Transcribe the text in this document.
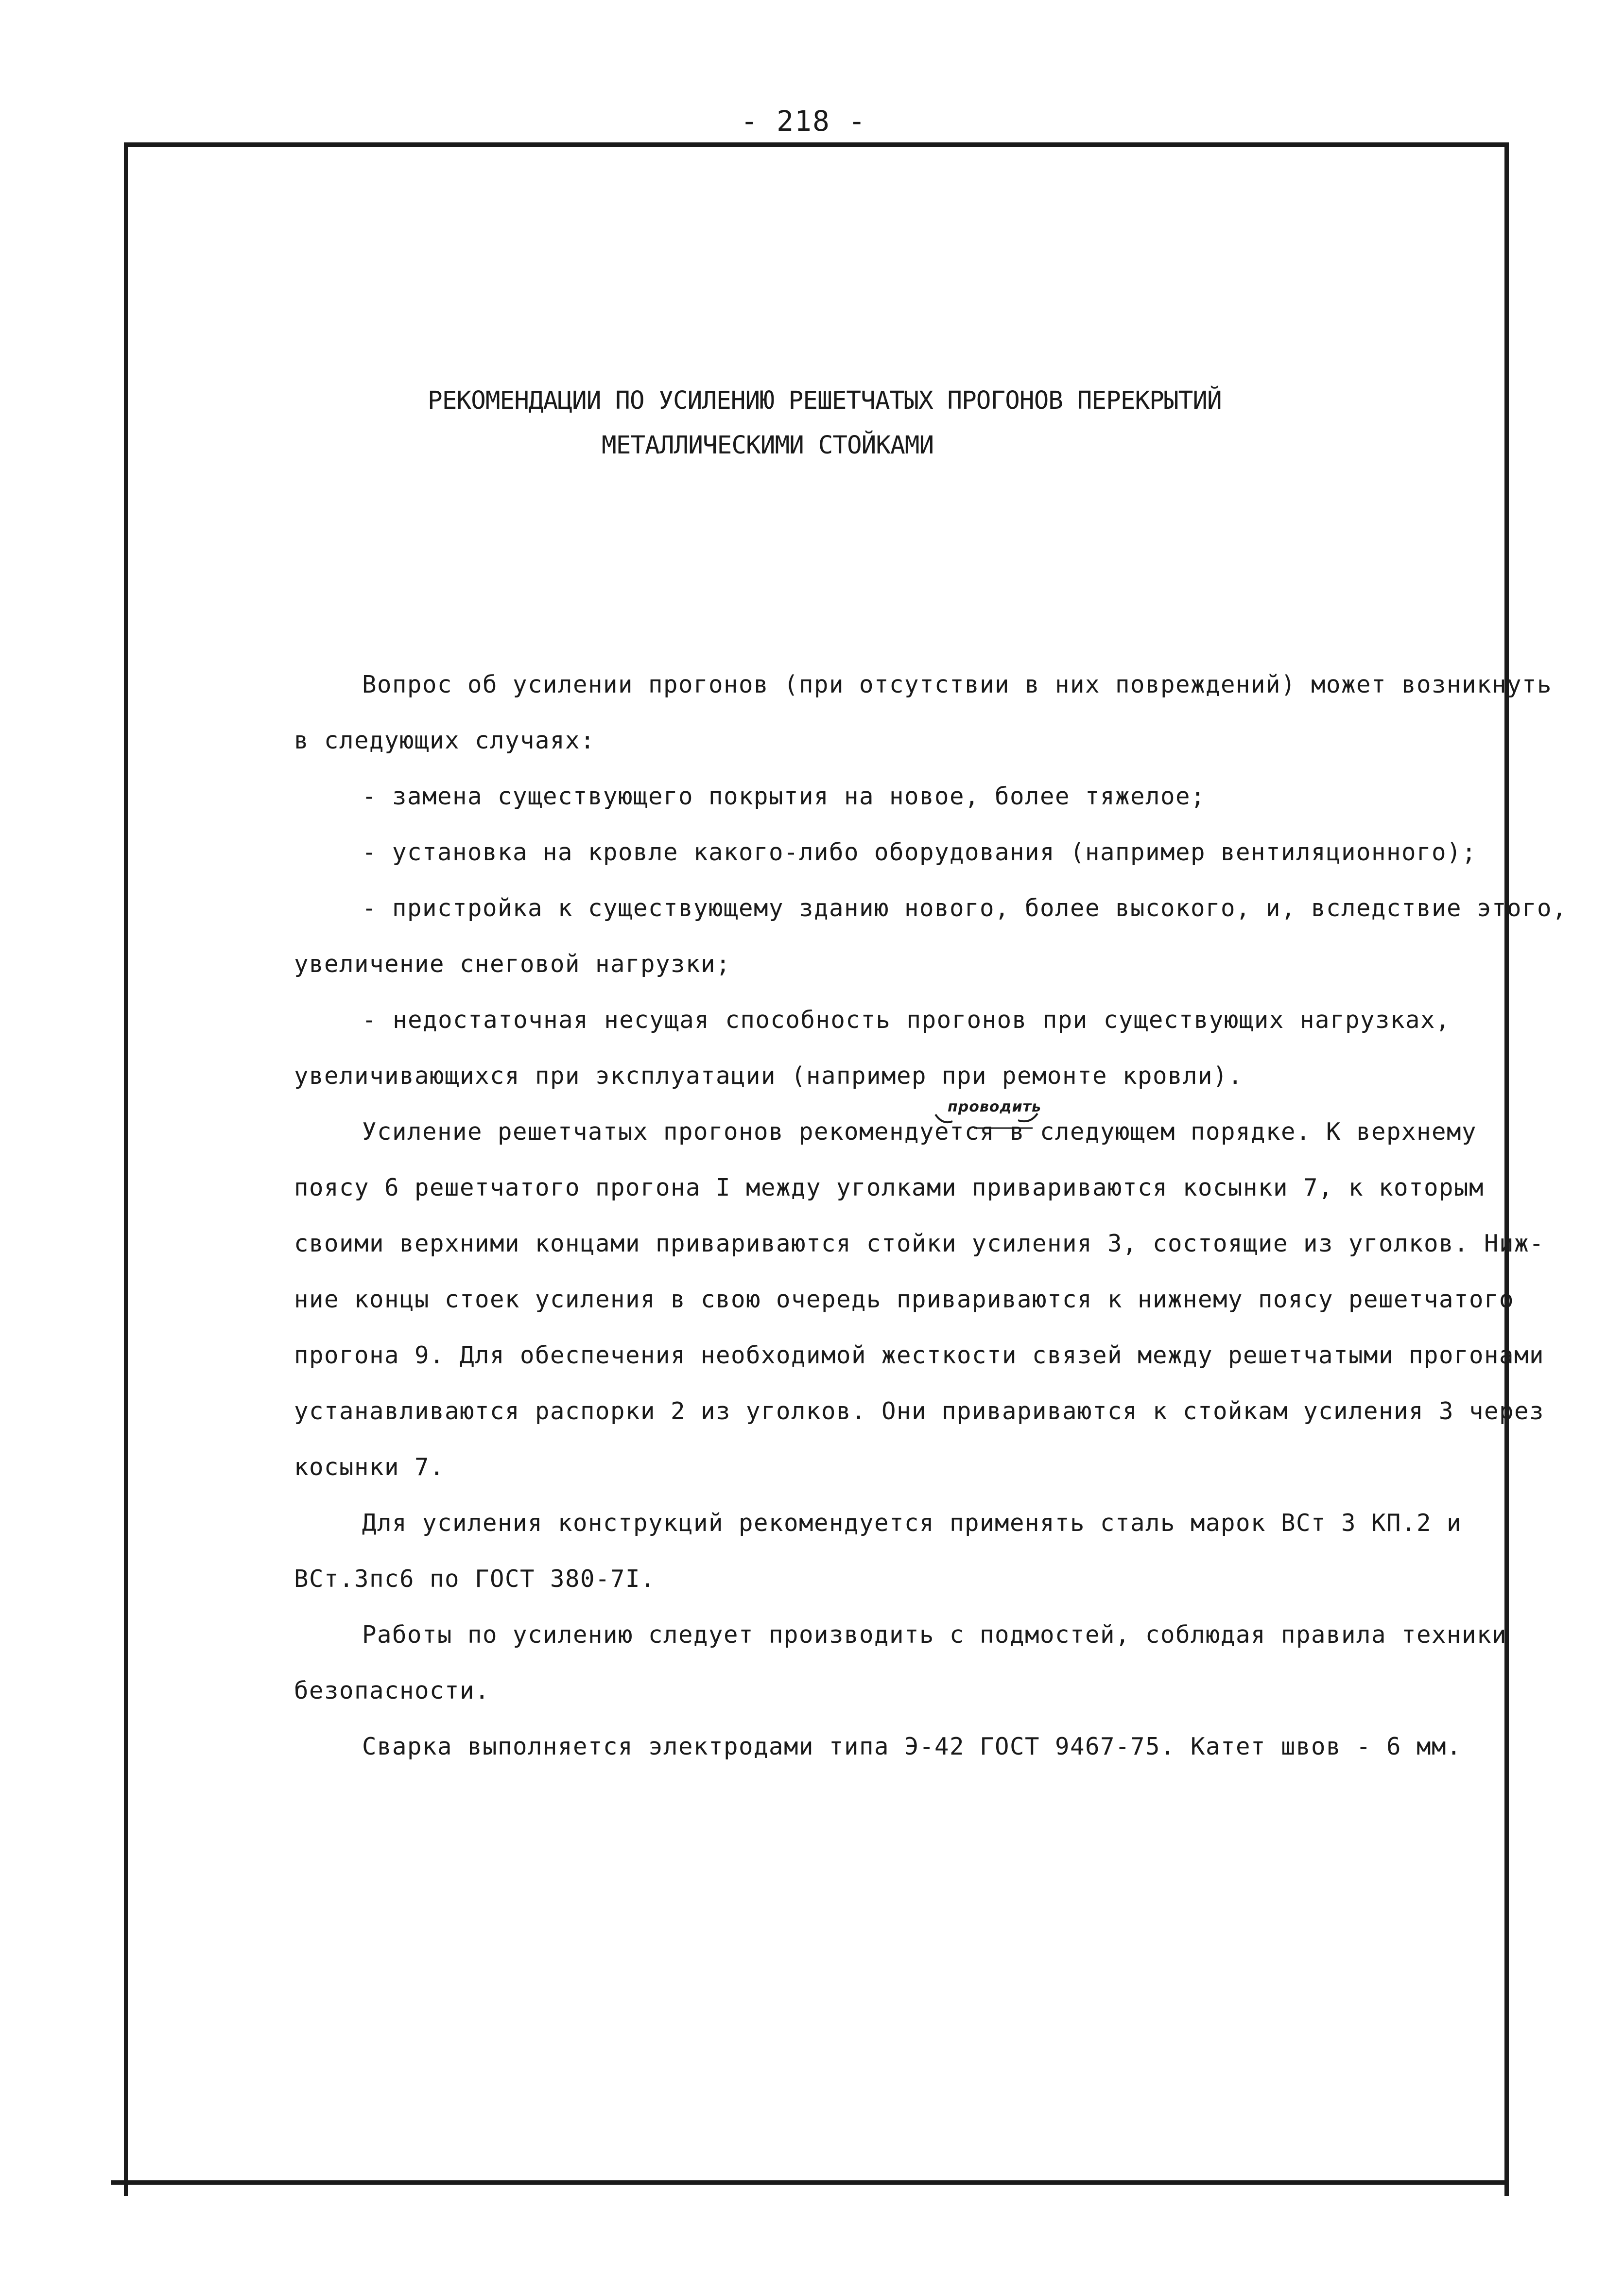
- 218 -
РЕКОМЕНДАЦИИ ПО УСИЛЕНИЮ РЕШЕТЧАТЫХ ПРОГОНОВ ПЕРЕКРЫТИЙ
МЕТАЛЛИЧЕСКИМИ СТОЙКАМИ
Вопрос об усилении прогонов (при отсутствии в них повреждений) может возникнуть
в следующих случаях:
- замена существующего покрытия на новое, более тяжелое;
- установка на кровле какого-либо оборудования (например вентиляционного);
- пристройка к существующему зданию нового, более высокого, и, вследствие этого,
увеличение снеговой нагрузки;
- недостаточная несущая способность прогонов при существующих нагрузках,
увеличивающихся при эксплуатации (например при ремонте кровли).
проводить
Усиление решетчатых прогонов рекомендуется в следующем порядке. К верхнему
поясу 6 решетчатого прогона I между уголками привариваются косынки 7, к которым
своими верхними концами привариваются стойки усиления 3, состоящие из уголков. Ниж-
ние концы стоек усиления в свою очередь привариваются к нижнему поясу решетчатого
прогона 9. Для обеспечения необходимой жесткости связей между решетчатыми прогонами
устанавливаются распорки 2 из уголков. Они привариваются к стойкам усиления 3 через
косынки 7.
Для усиления конструкций рекомендуется применять сталь марок ВСт 3 КП.2 и
ВСт.3пс6 по ГОСТ 380-7I.
Работы по усилению следует производить с подмостей, соблюдая правила техники
безопасности.
Сварка выполняется электродами типа Э-42 ГОСТ 9467-75. Катет швов - 6 мм.
